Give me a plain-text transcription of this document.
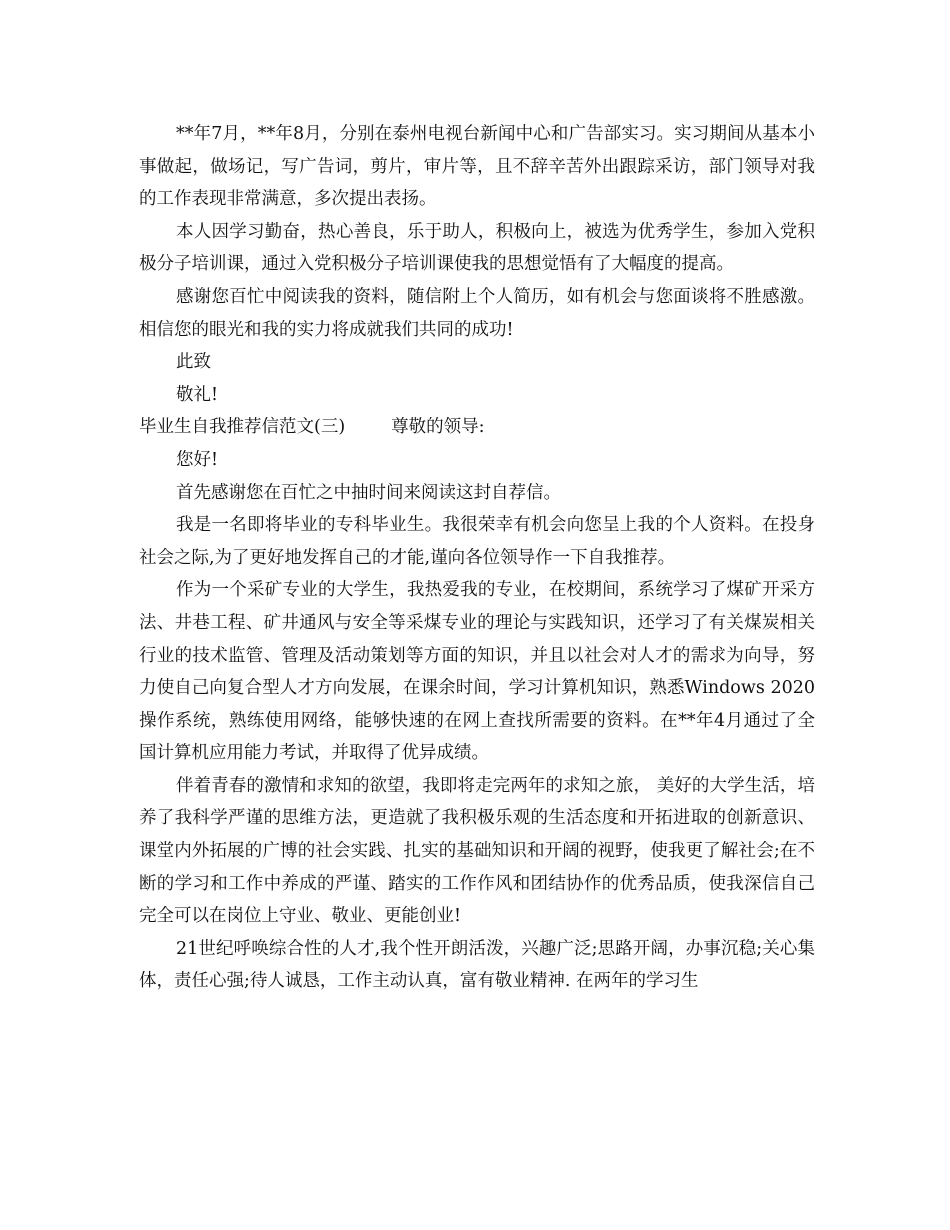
**年7月，**年8月，分别在泰州电视台新闻中心和广告部实习。实习期间从基本小事做起，做场记，写广告词，剪片，审片等，且不辞辛苦外出跟踪采访，部门领导对我的工作表现非常满意，多次提出表扬。

本人因学习勤奋，热心善良，乐于助人，积极向上，被选为优秀学生，参加入党积极分子培训课，通过入党积极分子培训课使我的思想觉悟有了大幅度的提高。

感谢您百忙中阅读我的资料，随信附上个人简历，如有机会与您面谈将不胜感激。相信您的眼光和我的实力将成就我们共同的成功!

此致

敬礼!

毕业生自我推荐信范文(三)	尊敬的领导:

您好!

首先感谢您在百忙之中抽时间来阅读这封自荐信。

我是一名即将毕业的专科毕业生。我很荣幸有机会向您呈上我的个人资料。在投身社会之际,为了更好地发挥自己的才能,谨向各位领导作一下自我推荐。

作为一个采矿专业的大学生，我热爱我的专业，在校期间，系统学习了煤矿开采方法、井巷工程、矿井通风与安全等采煤专业的理论与实践知识，还学习了有关煤炭相关行业的技术监管、管理及活动策划等方面的知识，并且以社会对人才的需求为向导，努力使自己向复合型人才方向发展，在课余时间，学习计算机知识，熟悉Windows 2020操作系统，熟练使用网络，能够快速的在网上查找所需要的资料。在**年4月通过了全国计算机应用能力考试，并取得了优异成绩。

伴着青春的激情和求知的欲望，我即将走完两年的求知之旅， 美好的大学生活，培养了我科学严谨的思维方法，更造就了我积极乐观的生活态度和开拓进取的创新意识、课堂内外拓展的广博的社会实践、扎实的基础知识和开阔的视野，使我更了解社会;在不断的学习和工作中养成的严谨、踏实的工作作风和团结协作的优秀品质，使我深信自己完全可以在岗位上守业、敬业、更能创业!

21世纪呼唤综合性的人才,我个性开朗活泼，兴趣广泛;思路开阔，办事沉稳;关心集体，责任心强;待人诚恳，工作主动认真，富有敬业精神. 在两年的学习生
